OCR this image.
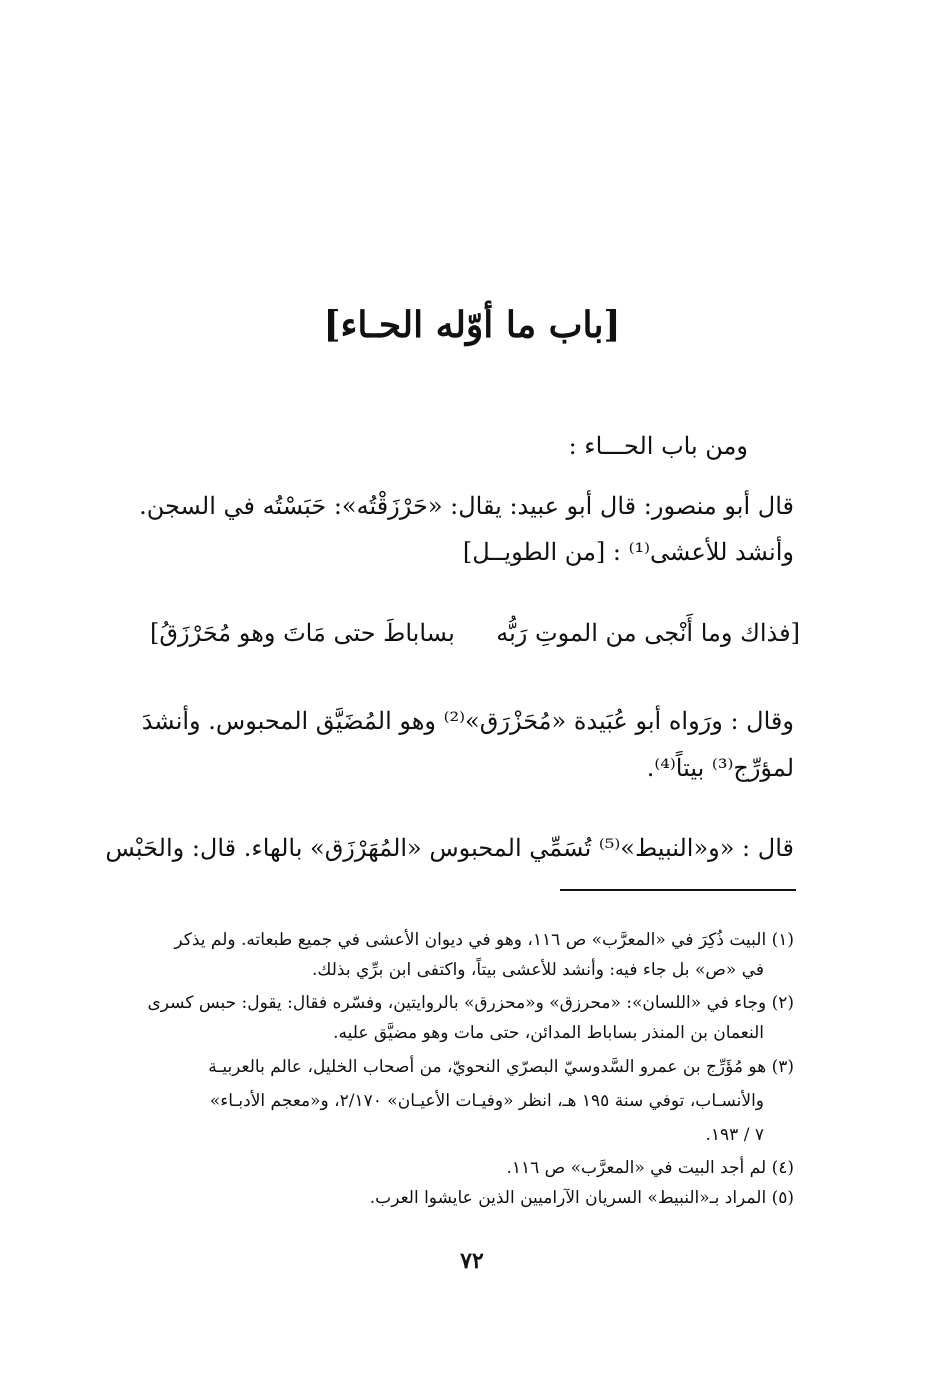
[باب ما أوّله الحـاء]
ومن باب الحـــاء :
قال أبو منصور: قال أبو عبيد: يقال: «حَرْزَقْتُه»: حَبَسْتُه في السجن.
وأنشد للأعشى⁽¹⁾ : [من الطويــل]
[فذاك وما أَنْجى من الموتِ رَبُّه
بساباطَ حتى مَاتَ وهو مُحَرْزَقُ]
وقال : ورَواه أبو عُبَيدة «مُحَزْرَق»⁽²⁾ وهو المُضَيَّق المحبوس. وأنشدَ
لمؤرِّج⁽³⁾ بيتاً⁽⁴⁾.
قال : «و«النبيط»⁽⁵⁾ تُسَمِّي المحبوس «المُهَرْزَق» بالهاء. قال: والحَبْس
(١) البيت ذُكِرَ في «المعرَّب» ص ١١٦، وهو في ديوان الأعشى في جميع طبعاته. ولم يذكر
في «ص» بل جاء فيه: وأنشد للأعشى بيتاً، واكتفى ابن برِّي بذلك.
(٢) وجاء في «اللسان»: «محرزق» و«محزرق» بالروايتين، وفسّره فقال: يقول: حبس كسرى
النعمان بن المنذر بساباط المدائن، حتى مات وهو مضيَّق عليه.
(٣) هو مُؤَرِّج بن عمرو السَّدوسيّ البصرّي النحويّ، من أصحاب الخليل، عالم بالعربيـة
والأنسـاب، توفي سنة ١٩٥ هـ، انظر «وفيـات الأعيـان» ٢/١٧٠، و«معجم الأدبـاء»
٧ / ١٩٣.
(٤) لم أجد البيت في «المعرَّب» ص ١١٦.
(٥) المراد بـ«النبيط» السريان الآراميين الذين عايشوا العرب.
٧٢
